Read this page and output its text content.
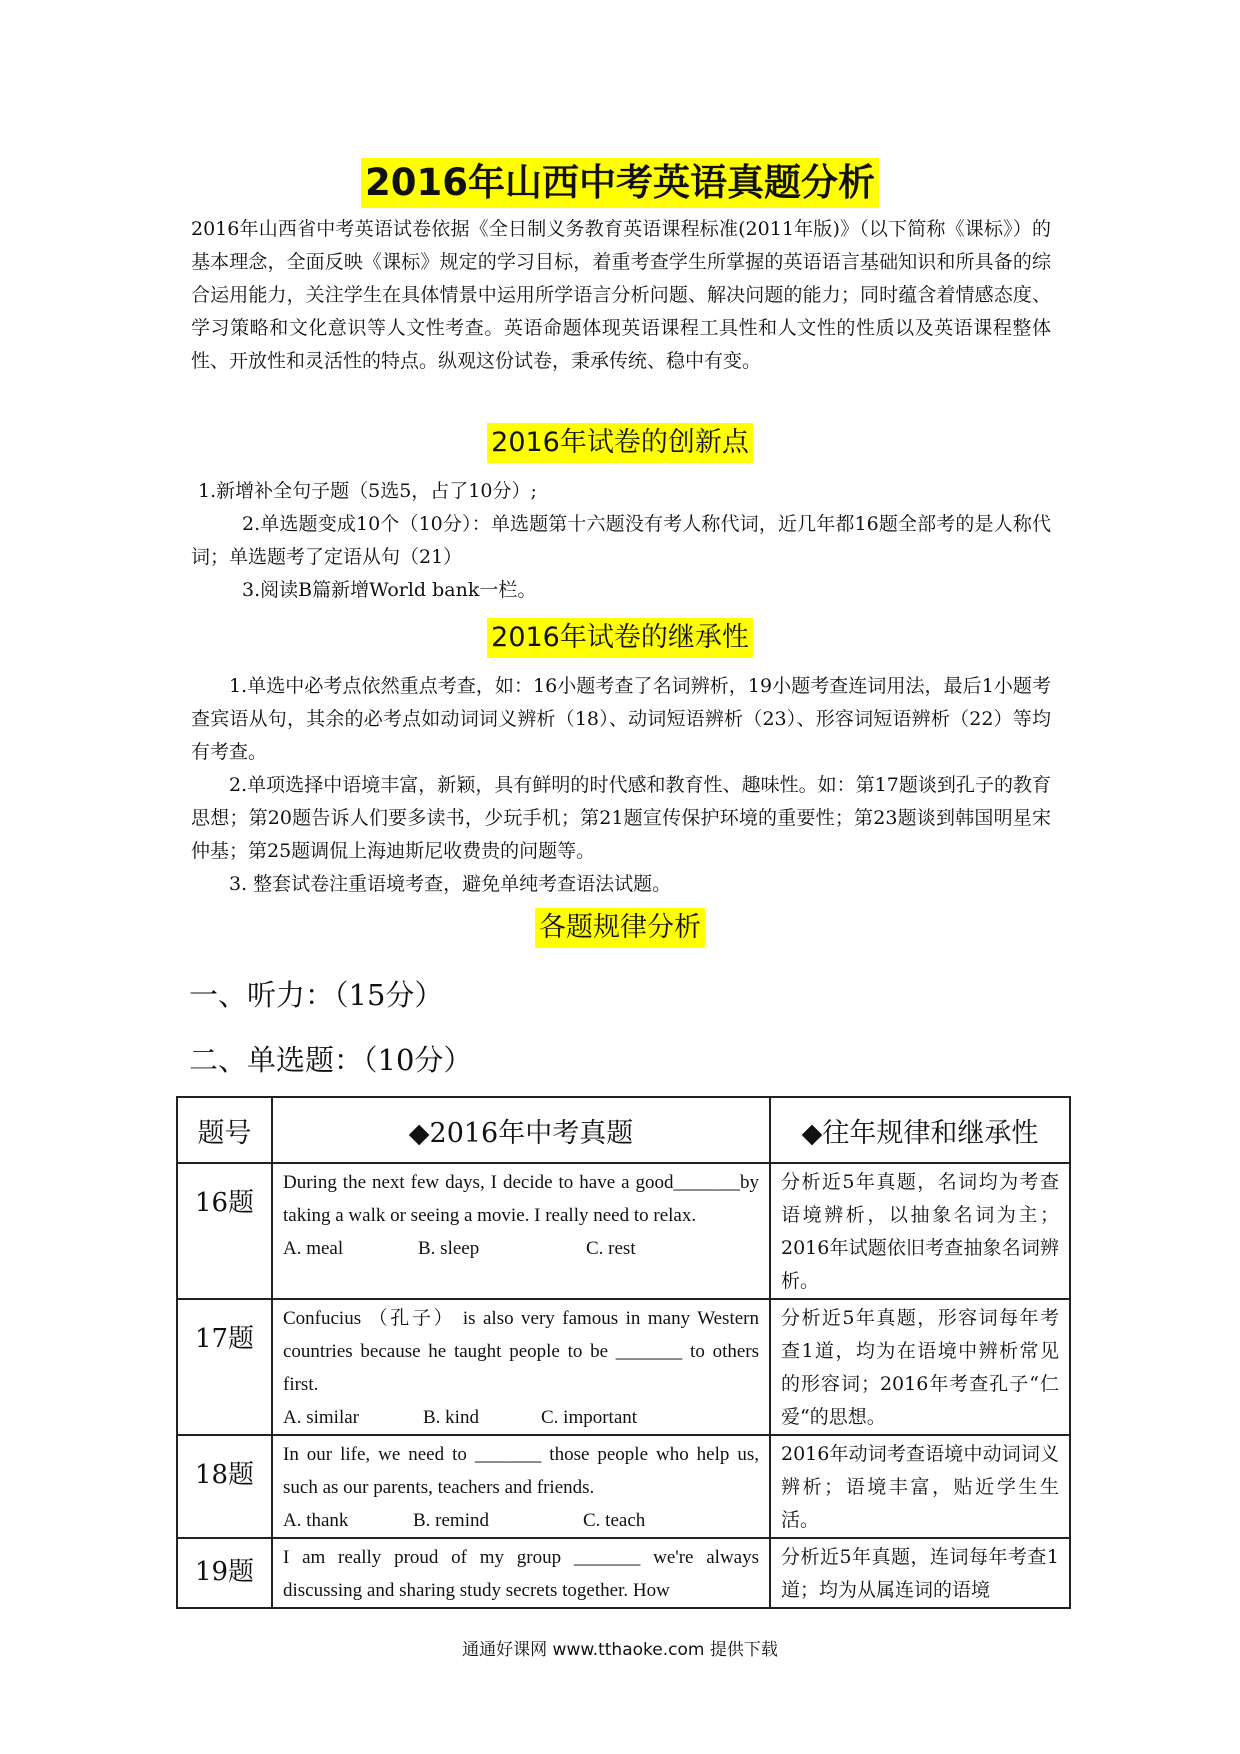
2016年山西中考英语真题分析

2016年山西省中考英语试卷依据《全日制义务教育英语课程标准(2011年版)》（以下简称《课标》）的基本理念，全面反映《课标》规定的学习目标，着重考查学生所掌握的英语语言基础知识和所具备的综合运用能力，关注学生在具体情景中运用所学语言分析问题、解决问题的能力；同时蕴含着情感态度、学习策略和文化意识等人文性考查。英语命题体现英语课程工具性和人文性的性质以及英语课程整体性、开放性和灵活性的特点。纵观这份试卷，秉承传统、稳中有变。

2016年试卷的创新点
1.新增补全句子题（5选5，占了10分）;

2.单选题变成10个（10分）：单选题第十六题没有考人称代词，近几年都16题全部考的是人称代词；单选题考了定语从句（21）

3.阅读B篇新增World bank一栏。
2016年试卷的继承性

1.单选中必考点依然重点考查，如：16小题考查了名词辨析，19小题考查连词用法，最后1小题考查宾语从句，其余的必考点如动词词义辨析（18）、动词短语辨析（23）、形容词短语辨析（22）等均有考查。

2.单项选择中语境丰富，新颖，具有鲜明的时代感和教育性、趣味性。如：第17题谈到孔子的教育思想；第20题告诉人们要多读书，少玩手机；第21题宣传保护环境的重要性；第23题谈到韩国明星宋仲基；第25题调侃上海迪斯尼收费贵的问题等。

3. 整套试卷注重语境考查，避免单纯考查语法试题。
各题规律分析
一、听力：（15分）
二、单选题：（10分）
题号	◆2016年中考真题	◆往年规律和继承性
16题	During the next few days, I decide to have a good_______by taking a walk or seeing a movie. I really need to relax.
A. meal B. sleep C. rest	分析近5年真题，名词均为考查语境辨析，以抽象名词为主；2016年试题依旧考查抽象名词辨析。
17题	Confucius （孔子） is also very famous in many Western countries because he taught people to be _______ to others first.
A. similar B. kind C. important	分析近5年真题，形容词每年考查1道，均为在语境中辨析常见的形容词；2016年考查孔子“仁爱“的思想。
18题	In our life, we need to _______ those people who help us, such as our parents, teachers and friends.
A. thank B. remind C. teach	2016年动词考查语境中动词词义辨析；语境丰富，贴近学生生活。
19题	I am really proud of my group _______ we're always discussing and sharing study secrets together. How	分析近5年真题，连词每年考查1道；均为从属连词的语境
通通好课网 www.tthaoke.com 提供下载
